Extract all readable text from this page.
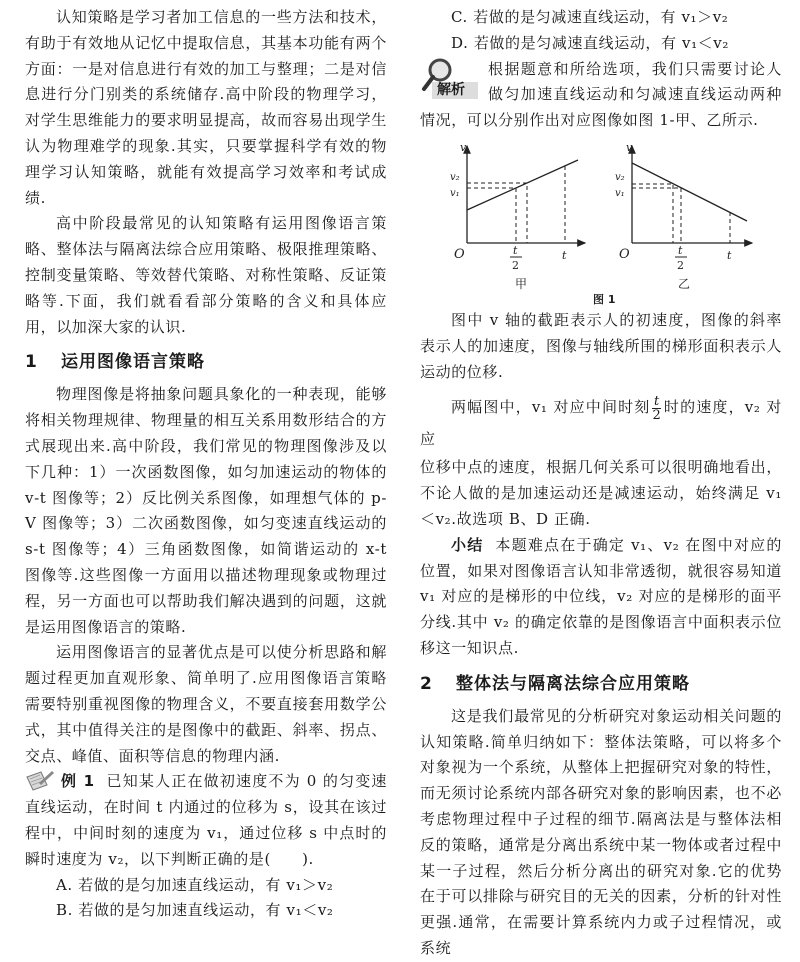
认知策略是学习者加工信息的一些方法和技术，有助于有效地从记忆中提取信息，其基本功能有两个方面：一是对信息进行有效的加工与整理；二是对信息进行分门别类的系统储存.高中阶段的物理学习，对学生思维能力的要求明显提高，故而容易出现学生认为物理难学的现象.其实，只要掌握科学有效的物理学习认知策略，就能有效提高学习效率和考试成绩.

高中阶段最常见的认知策略有运用图像语言策略、整体法与隔离法综合应用策略、极限推理策略、控制变量策略、等效替代策略、对称性策略、反证策略等.下面，我们就看看部分策略的含义和具体应用，以加深大家的认识.

1 运用图像语言策略

物理图像是将抽象问题具象化的一种表现，能够将相关物理规律、物理量的相互关系用数形结合的方式展现出来.高中阶段，我们常见的物理图像涉及以下几种：1）一次函数图像，如匀加速运动的物体的 v-t 图像等；2）反比例关系图像，如理想气体的 p-V 图像等；3）二次函数图像，如匀变速直线运动的 s-t 图像等；4）三角函数图像，如简谐运动的 x-t 图像等.这些图像一方面用以描述物理现象或物理过程，另一方面也可以帮助我们解决遇到的问题，这就是运用图像语言的策略.

运用图像语言的显著优点是可以使分析思路和解题过程更加直观形象、简单明了.应用图像语言策略需要特别重视图像的物理含义，不要直接套用数学公式，其中值得关注的是图像中的截距、斜率、拐点、交点、峰值、面积等信息的物理内涵.

例 1 已知某人正在做初速度不为 0 的匀变速直线运动，在时间 t 内通过的位移为 s，设其在该过程中，中间时刻的速度为 v₁，通过位移 s 中点时的瞬时速度为 v₂，以下判断正确的是(　　).
A. 若做的是匀加速直线运动，有 v₁＞v₂
B. 若做的是匀加速直线运动，有 v₁＜v₂
C. 若做的是匀减速直线运动，有 v₁＞v₂
D. 若做的是匀减速直线运动，有 v₁＜v₂
解析

根据题意和所给选项，我们只需要讨论人做匀加速直线运动和匀减速直线运动两种情况，可以分别作出对应图像如图 1-甲、乙所示.

v
v₂
v₁
O	t
2
t
甲
v
v₂
v₁
O	t
2
t
乙
图 1

图中 v 轴的截距表示人的初速度，图像的斜率表示人的加速度，图像与轴线所围的梯形面积表示人运动的位移.

两幅图中，v₁ 对应中间时刻 $\frac{t}{2}$ 时的速度，v₂ 对应
位移中点的速度，根据几何关系可以很明确地看出，不论人做的是加速运动还是减速运动，始终满足 v₁＜v₂.故选项 B、D 正确.
小结 本题难点在于确定 v₁、v₂ 在图中对应的位置，如果对图像语言认知非常透彻，就很容易知道 v₁ 对应的是梯形的中位线，v₂ 对应的是梯形的面平分线.其中 v₂ 的确定依靠的是图像语言中面积表示位移这一知识点.
2 整体法与隔离法综合应用策略

这是我们最常见的分析研究对象运动相关问题的认知策略.简单归纳如下：整体法策略，可以将多个对象视为一个系统，从整体上把握研究对象的特性，而无须讨论系统内部各研究对象的影响因素，也不必考虑物理过程中子过程的细节.隔离法是与整体法相反的策略，通常是分离出系统中某一物体或者过程中某一子过程，然后分析分离出的研究对象.它的优势在于可以排除与研究目的无关的因素，分析的针对性更强.通常，在需要计算系统内力或子过程情况，或系统
